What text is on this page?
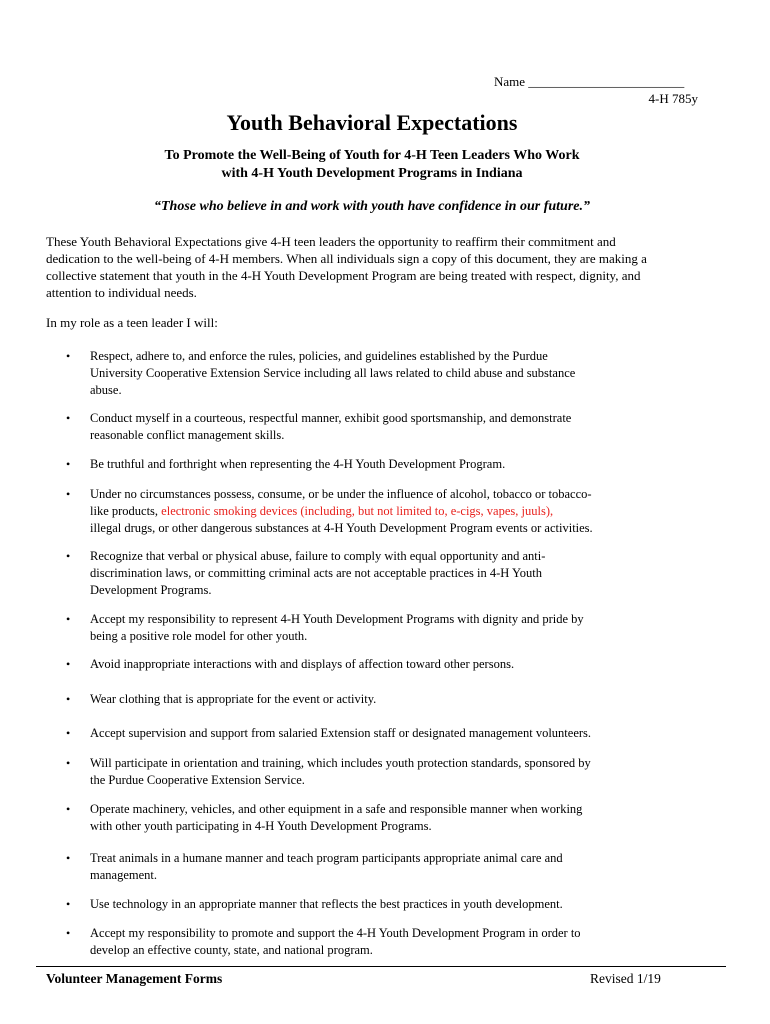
Name ________________________
4-H 785y
Youth Behavioral Expectations
To Promote the Well-Being of Youth for 4-H Teen Leaders Who Work
with 4-H Youth Development Programs in Indiana
“Those who believe in and work with youth have confidence in our future.”
These Youth Behavioral Expectations give 4-H teen leaders the opportunity to reaffirm their commitment and
dedication to the well-being of 4-H members. When all individuals sign a copy of this document, they are making a
collective statement that youth in the 4-H Youth Development Program are being treated with respect, dignity, and
attention to individual needs.
In my role as a teen leader I will:
• Respect, adhere to, and enforce the rules, policies, and guidelines established by the Purdue
University Cooperative Extension Service including all laws related to child abuse and substance
abuse.
• Conduct myself in a courteous, respectful manner, exhibit good sportsmanship, and demonstrate
reasonable conflict management skills.
• Be truthful and forthright when representing the 4-H Youth Development Program.
• Under no circumstances possess, consume, or be under the influence of alcohol, tobacco or tobacco-
like products, electronic smoking devices (including, but not limited to, e-cigs, vapes, juuls),
illegal drugs, or other dangerous substances at 4-H Youth Development Program events or activities.
• Recognize that verbal or physical abuse, failure to comply with equal opportunity and anti-
discrimination laws, or committing criminal acts are not acceptable practices in 4-H Youth
Development Programs.
• Accept my responsibility to represent 4-H Youth Development Programs with dignity and pride by
being a positive role model for other youth.
• Avoid inappropriate interactions with and displays of affection toward other persons.
• Wear clothing that is appropriate for the event or activity.
• Accept supervision and support from salaried Extension staff or designated management volunteers.
• Will participate in orientation and training, which includes youth protection standards, sponsored by
the Purdue Cooperative Extension Service.
• Operate machinery, vehicles, and other equipment in a safe and responsible manner when working
with other youth participating in 4-H Youth Development Programs.
• Treat animals in a humane manner and teach program participants appropriate animal care and
management.
• Use technology in an appropriate manner that reflects the best practices in youth development.
• Accept my responsibility to promote and support the 4-H Youth Development Program in order to
develop an effective county, state, and national program.
Volunteer Management Forms	Revised 1/19
